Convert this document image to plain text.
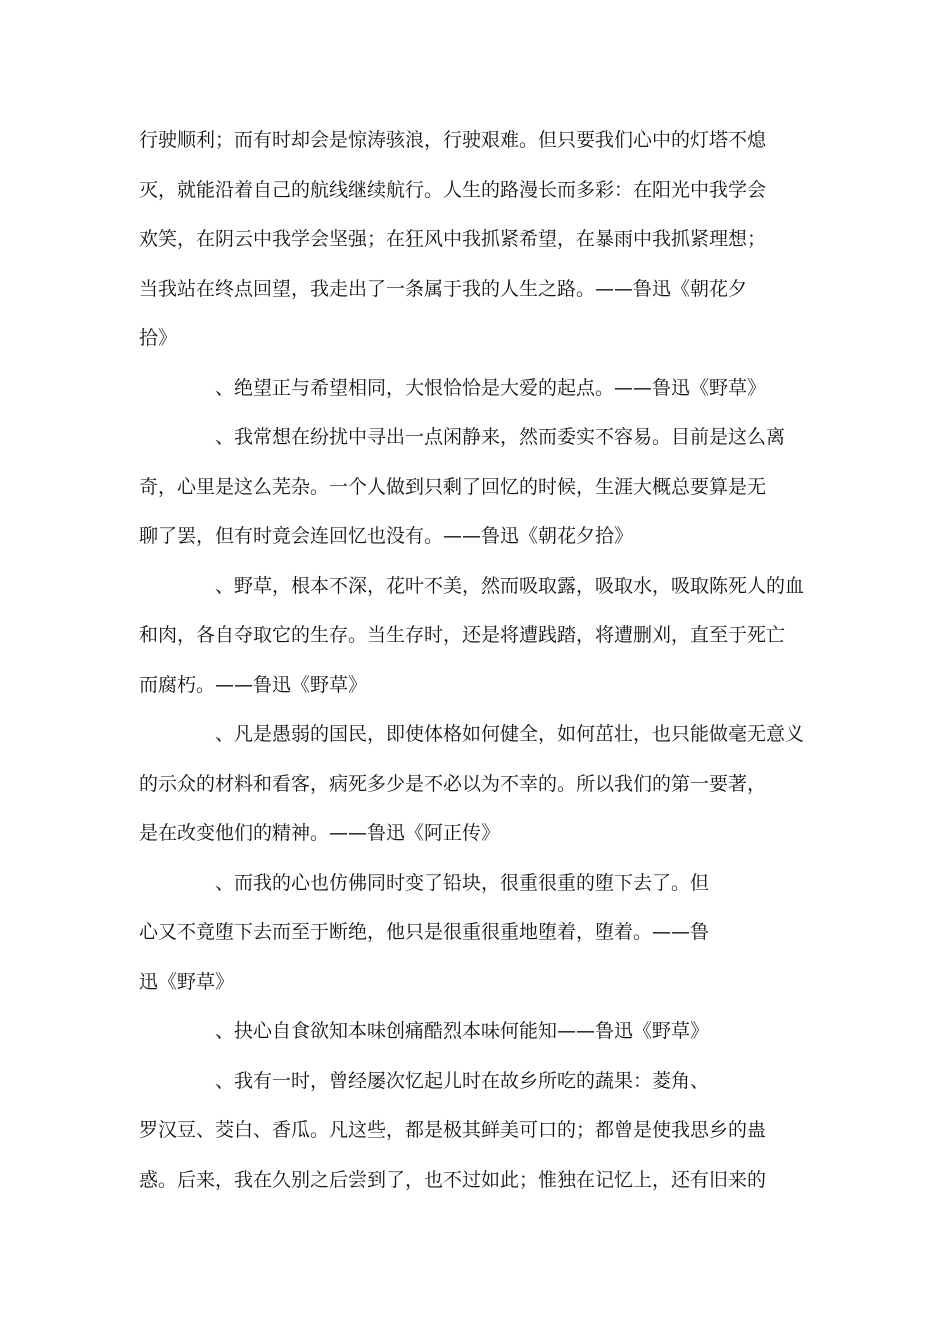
行驶顺利；而有时却会是惊涛骇浪，行驶艰难。但只要我们心中的灯塔不熄
灭，就能沿着自己的航线继续航行。人生的路漫长而多彩：在阳光中我学会
欢笑，在阴云中我学会坚强；在狂风中我抓紧希望，在暴雨中我抓紧理想；
当我站在终点回望，我走出了一条属于我的人生之路。——鲁迅《朝花夕
拾》
、绝望正与希望相同，大恨恰恰是大爱的起点。——鲁迅《野草》
、我常想在纷扰中寻出一点闲静来，然而委实不容易。目前是这么离
奇，心里是这么芜杂。一个人做到只剩了回忆的时候，生涯大概总要算是无
聊了罢，但有时竟会连回忆也没有。——鲁迅《朝花夕拾》
、野草，根本不深，花叶不美，然而吸取露，吸取水，吸取陈死人的血
和肉，各自夺取它的生存。当生存时，还是将遭践踏，将遭删刈，直至于死亡
而腐朽。——鲁迅《野草》
、凡是愚弱的国民，即使体格如何健全，如何茁壮，也只能做毫无意义
的示众的材料和看客，病死多少是不必以为不幸的。所以我们的第一要著，
是在改变他们的精神。——鲁迅《阿正传》
、而我的心也仿佛同时变了铅块，很重很重的堕下去了。但
心又不竟堕下去而至于断绝，他只是很重很重地堕着，堕着。——鲁
迅《野草》
、抉心自食欲知本味创痛酷烈本味何能知——鲁迅《野草》
、我有一时，曾经屡次忆起儿时在故乡所吃的蔬果：菱角、
罗汉豆、茭白、香瓜。凡这些，都是极其鲜美可口的；都曾是使我思乡的蛊
惑。后来，我在久别之后尝到了，也不过如此；惟独在记忆上，还有旧来的
